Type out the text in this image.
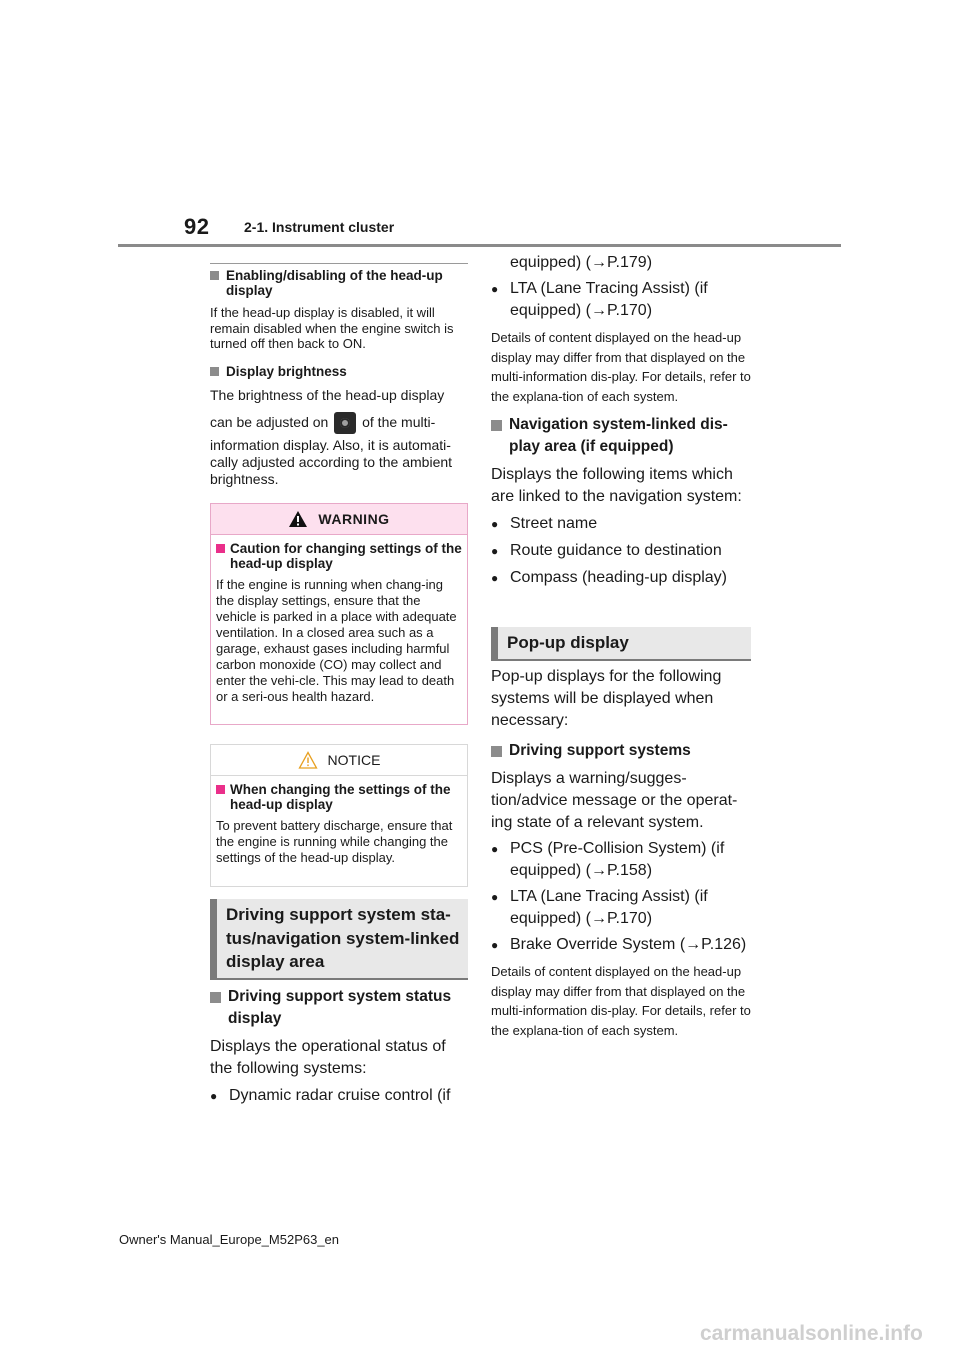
92 2-1. Instrument cluster
Enabling/disabling of the head-up display
If the head-up display is disabled, it will remain disabled when the engine switch is turned off then back to ON.
Display brightness
The brightness of the head-up display
can be adjusted on of the multi-
information display. Also, it is automati-cally adjusted according to the ambient brightness.
WARNING
Caution for changing settings of the head-up display
If the engine is running when chang-ing the display settings, ensure that the vehicle is parked in a place with adequate ventilation. In a closed area such as a garage, exhaust gases including harmful carbon monoxide (CO) may collect and enter the vehi-cle. This may lead to death or a seri-ous health hazard.
NOTICE
When changing the settings of the head-up display
To prevent battery discharge, ensure that the engine is running while changing the settings of the head-up display.
Driving support system sta-tus/navigation system-linked display area
Driving support system status display
Displays the operational status of the following systems:
● Dynamic radar cruise control (if
equipped) (→P.179)
● LTA (Lane Tracing Assist) (if equipped) (→P.170)
Details of content displayed on the head-up display may differ from that displayed on the multi-information dis-play. For details, refer to the explana-tion of each system.
Navigation system-linked dis-play area (if equipped)
Displays the following items which are linked to the navigation system:
● Street name
● Route guidance to destination
● Compass (heading-up display)
Pop-up display
Pop-up displays for the following systems will be displayed when necessary:
Driving support systems
Displays a warning/sugges-tion/advice message or the operat-ing state of a relevant system.
● PCS (Pre-Collision System) (if equipped) (→P.158)
● LTA (Lane Tracing Assist) (if equipped) (→P.170)
● Brake Override System (→P.126)
Details of content displayed on the head-up display may differ from that displayed on the multi-information dis-play. For details, refer to the explana-tion of each system.
Owner's Manual_Europe_M52P63_en
carmanualsonline.info
